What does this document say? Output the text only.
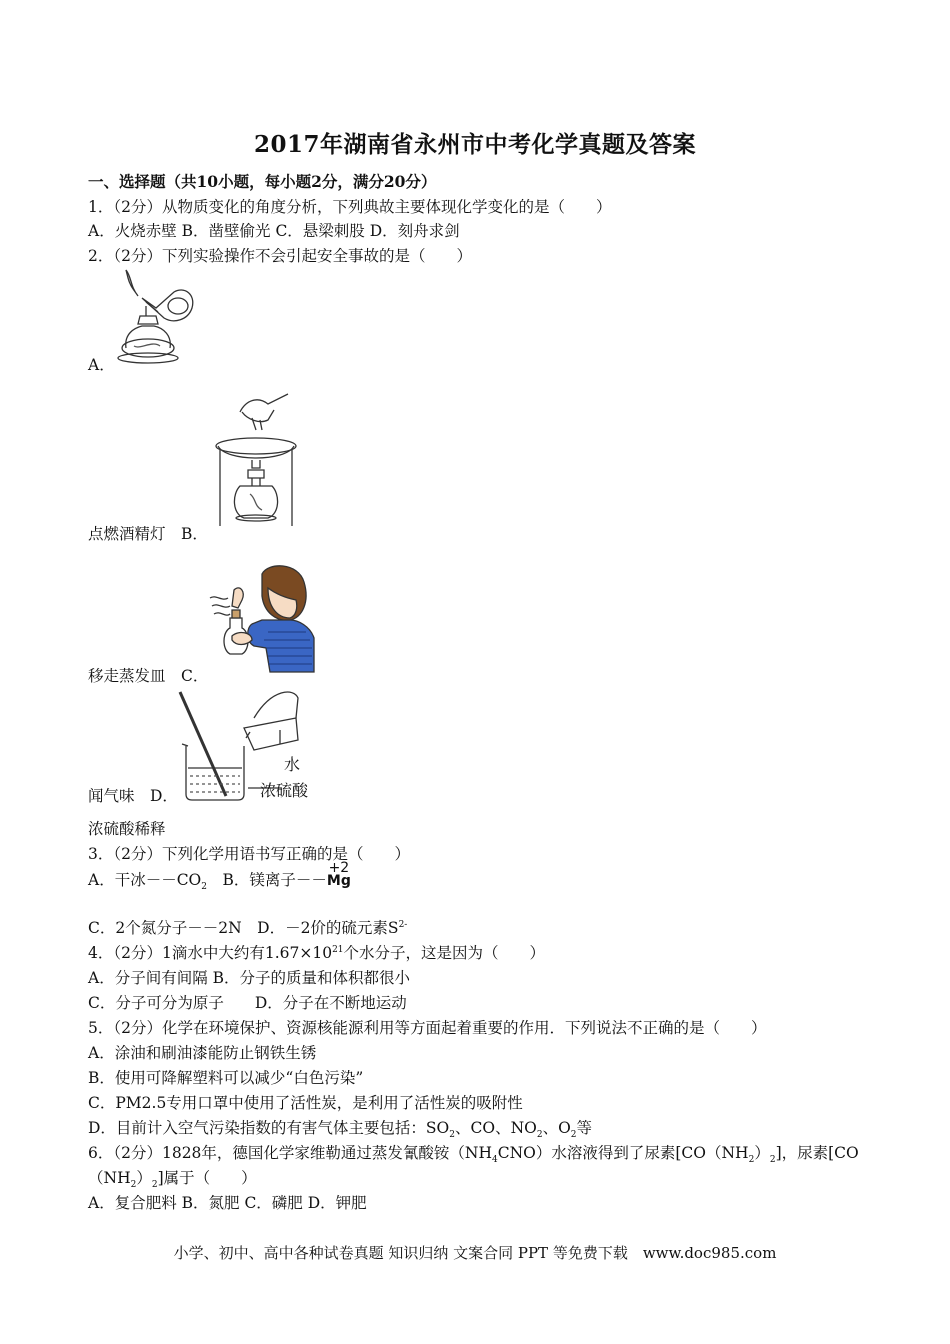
2017年湖南省永州市中考化学真题及答案
一、选择题（共10小题，每小题2分，满分20分）
1．（2分）从物质变化的角度分析，下列典故主要体现化学变化的是（　　）
A．火烧赤壁 B．凿壁偷光 C．悬梁刺股 D．刻舟求剑
2．（2分）下列实验操作不会引起安全事故的是（　　）
A．
点燃酒精灯　B．
移走蒸发皿　C．
水
浓硫酸
闻气味　D．
浓硫酸稀释
3．（2分）下列化学用语书写正确的是（　　）
A．干冰$--CO_2$　 B．镁离子－－
+2
Mg
C．2个氮分子－－2N　D．－2价的硫元素$S^{2-}$
4．（2分）1滴水中大约有$1.67\times 10^{21}$个水分子，这是因为（　　）
A．分子间有间隔 B．分子的质量和体积都很小
C．分子可分为原子　　D．分子在不断地运动
5．（2分）化学在环境保护、资源核能源利用等方面起着重要的作用．下列说法不正确的是（　　）
A．涂油和刷油漆能防止钢铁生锈
B．使用可降解塑料可以减少“白色污染”
C．PM2.5专用口罩中使用了活性炭，是利用了活性炭的吸附性
D．目前计入空气污染指数的有害气体主要包括：$SO_2$、CO、$NO_2$、$O_2$等
6．（2分）1828年，德国化学家维勒通过蒸发氰酸铵$(NH_4CNO)$水溶液得到了尿素$[CO(NH_2)_2]$，尿素[CO
$(NH_2)_2$]属于（　　）
A．复合肥料 B．氮肥 C．磷肥 D．钾肥
小学、初中、高中各种试卷真题 知识归纳 文案合同 PPT 等免费下载　www.doc985.com
